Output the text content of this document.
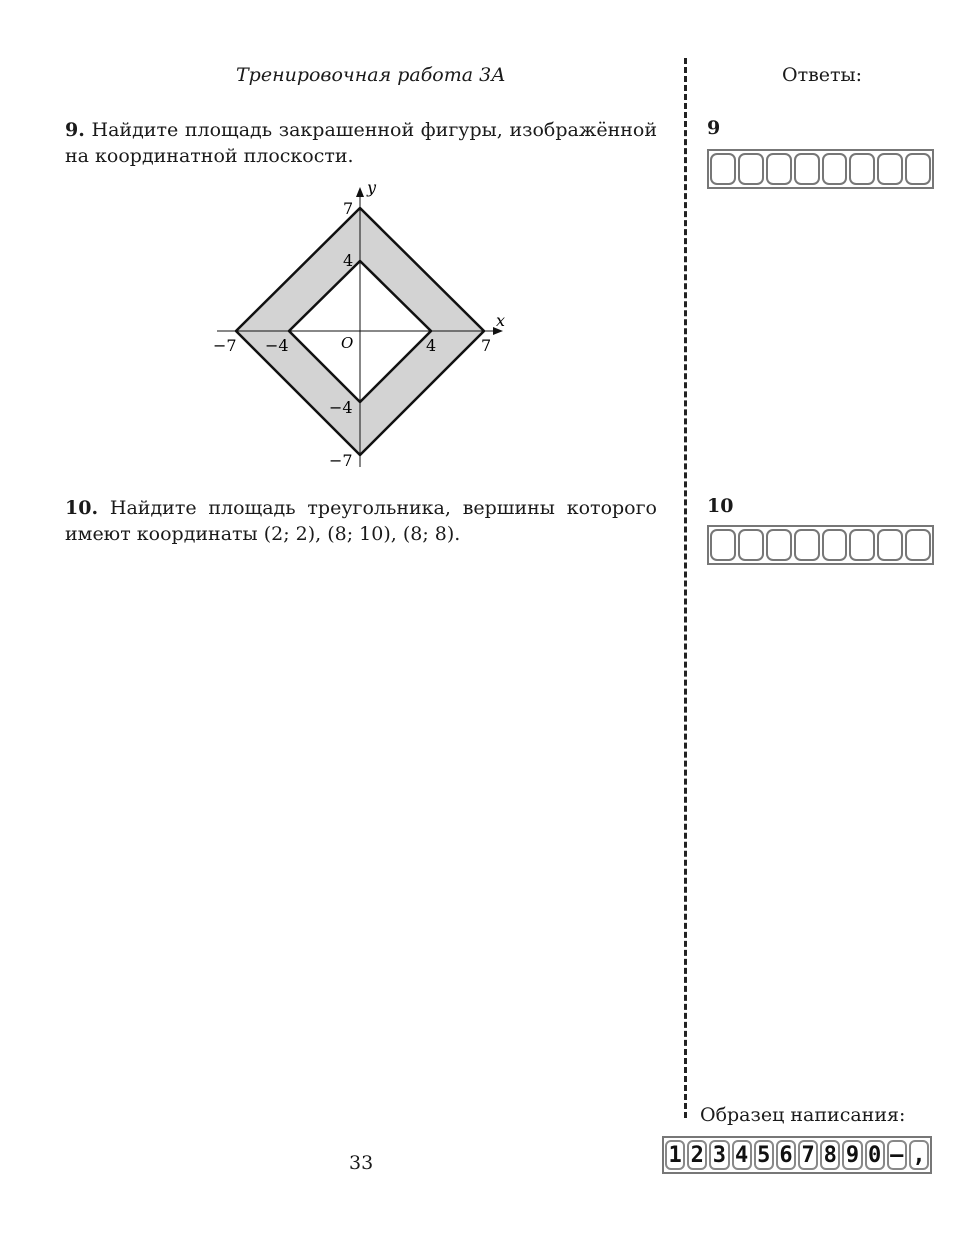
Тренировочная работа 3А	Ответы:
9. Найдите площадь закрашенной фигуры, изображённой на координатной плоскости.
y
x
O
−7 −4	4	7
7
4
−4
−7
10. Найдите площадь треугольника, вершины которого имеют координаты (2; 2), (8; 10), (8; 8).
9
10
Образец написания:
1 2 3 4 5 6 7 8 9 0 – ,
33
